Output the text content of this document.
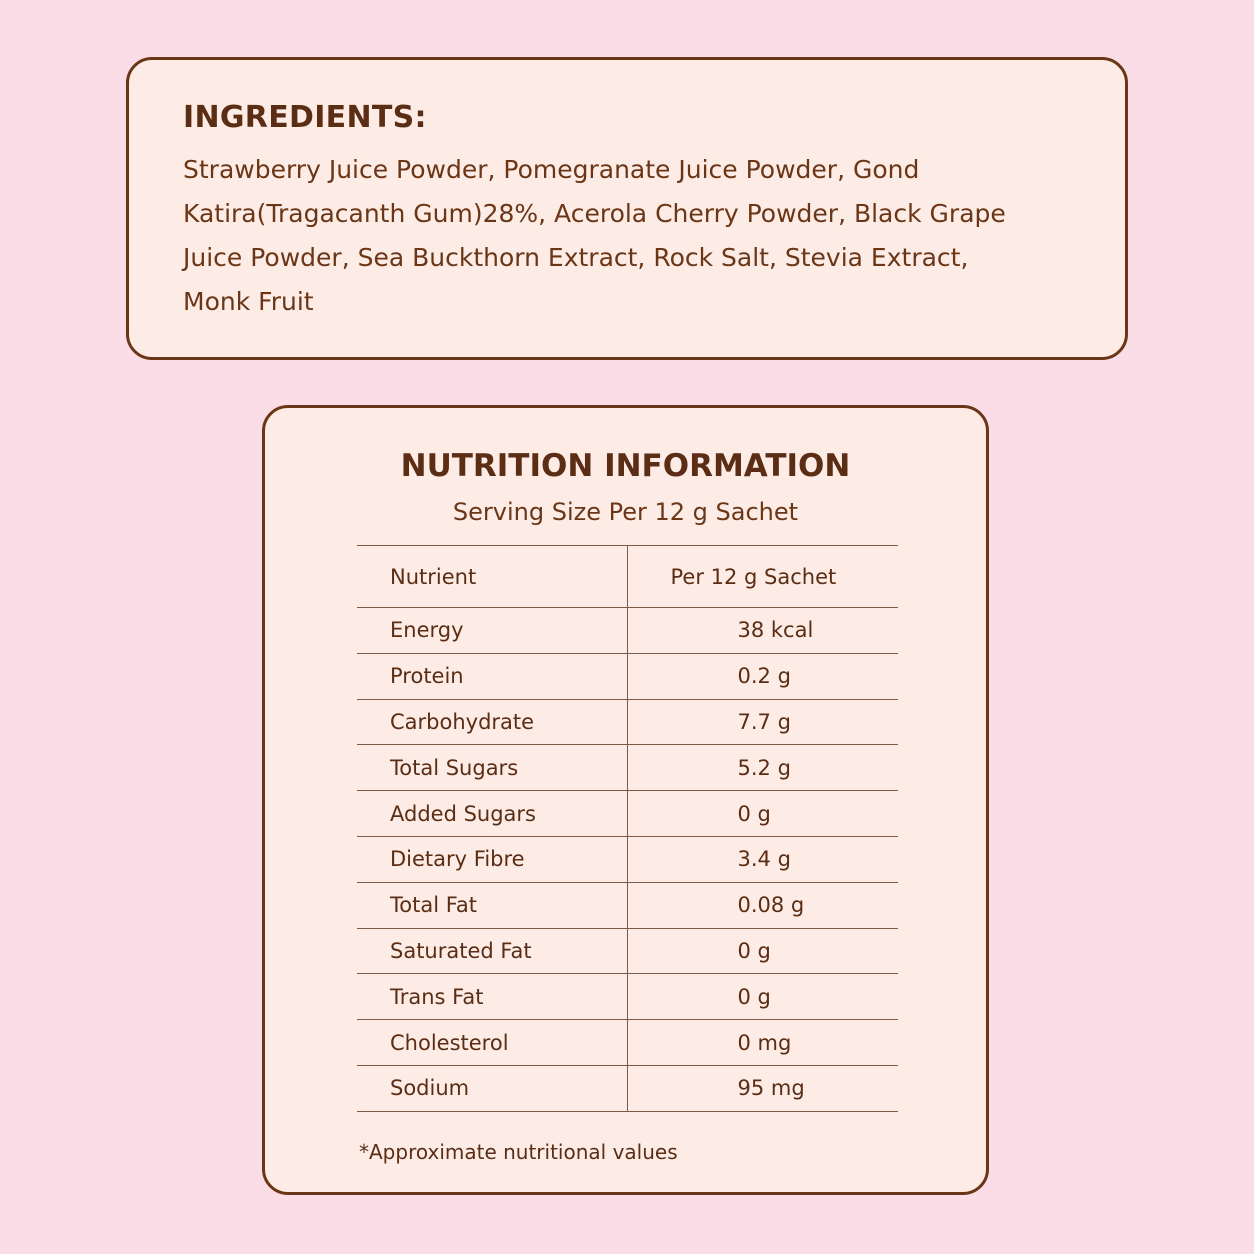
INGREDIENTS:

Strawberry Juice Powder, Pomegranate Juice Powder, Gond Katira(Tragacanth Gum)28%, Acerola Cherry Powder, Black Grape Juice Powder, Sea Buckthorn Extract, Rock Salt, Stevia Extract, Monk Fruit

NUTRITION INFORMATION
Serving Size Per 12 g Sachet
Nutrient	Per 12 g Sachet
Energy	38 kcal
Protein	0.2 g
Carbohydrate	7.7 g
Total Sugars	5.2 g
Added Sugars	0 g
Dietary Fibre	3.4 g
Total Fat	0.08 g
Saturated Fat	0 g
Trans Fat	0 g
Cholesterol	0 mg
Sodium	95 mg
*Approximate nutritional values
